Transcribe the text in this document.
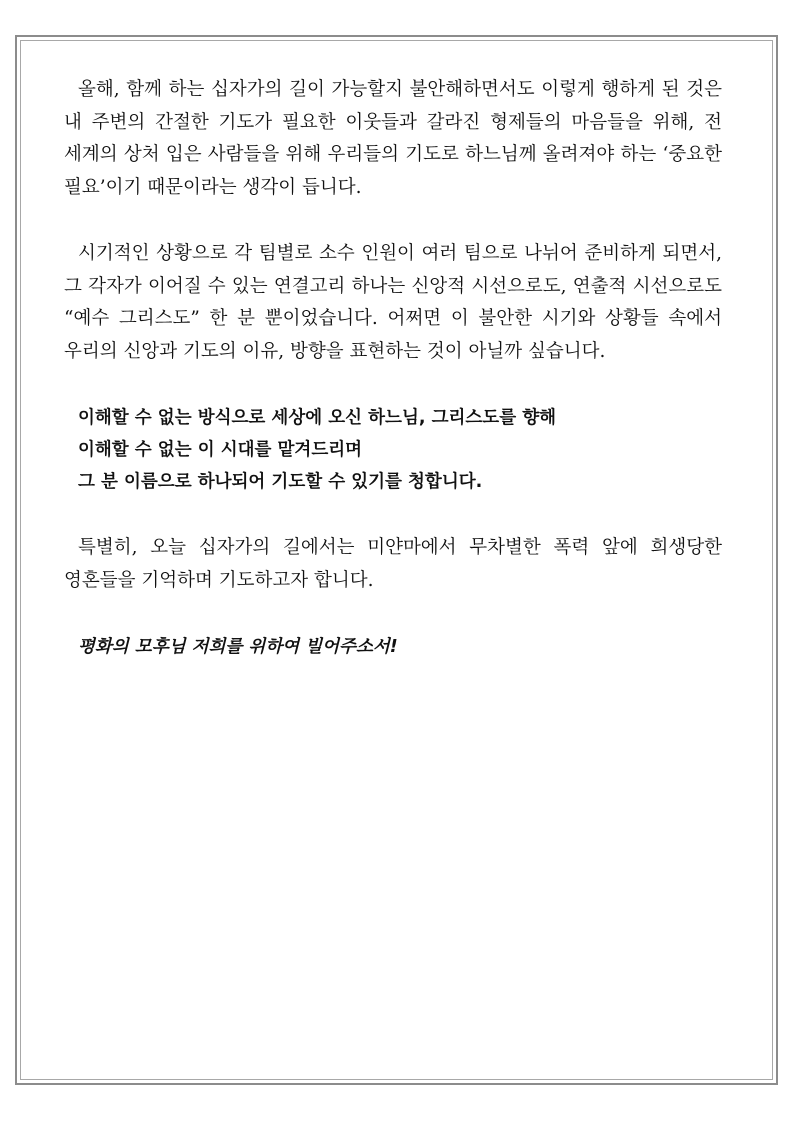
올해, 함께 하는 십자가의 길이 가능할지 불안해하면서도 이렇게 행하게 된 것은 내 주변의 간절한 기도가 필요한 이웃들과 갈라진 형제들의 마음들을 위해, 전 세계의 상처 입은 사람들을 위해 우리들의 기도로 하느님께 올려져야 하는 ‘중요한 필요’이기 때문이라는 생각이 듭니다.

시기적인 상황으로 각 팀별로 소수 인원이 여러 팀으로 나뉘어 준비하게 되면서, 그 각자가 이어질 수 있는 연결고리 하나는 신앙적 시선으로도, 연출적 시선으로도 “예수 그리스도” 한 분 뿐이었습니다. 어쩌면 이 불안한 시기와 상황들 속에서 우리의 신앙과 기도의 이유, 방향을 표현하는 것이 아닐까 싶습니다.

이해할 수 없는 방식으로 세상에 오신 하느님, 그리스도를 향해
이해할 수 없는 이 시대를 맡겨드리며
그 분 이름으로 하나되어 기도할 수 있기를 청합니다.

특별히, 오늘 십자가의 길에서는 미얀마에서 무차별한 폭력 앞에 희생당한 영혼들을 기억하며 기도하고자 합니다.

평화의 모후님 저희를 위하여 빌어주소서!
